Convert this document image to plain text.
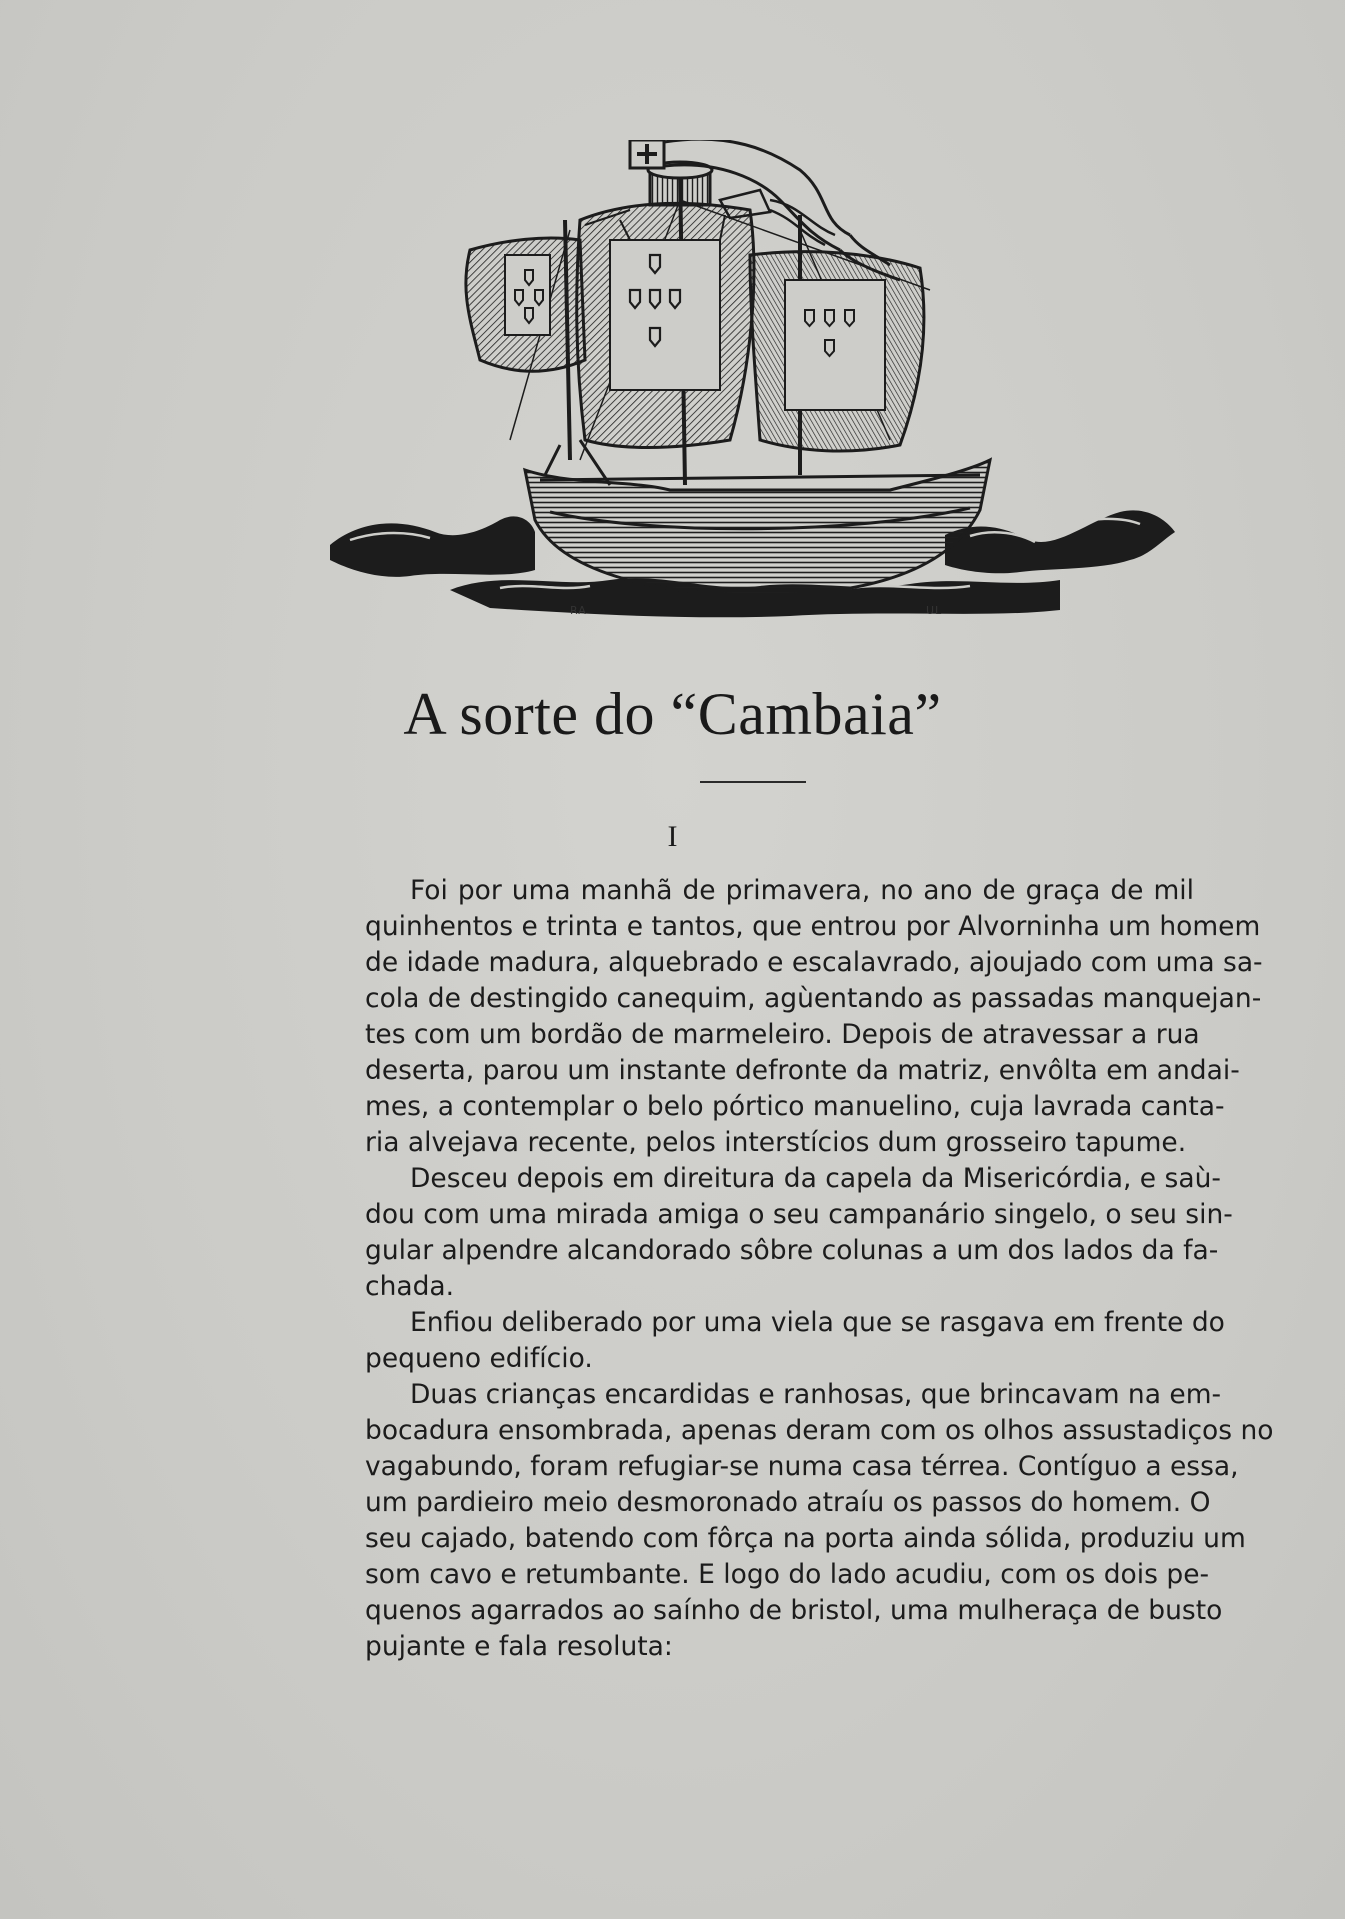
RA	UL
A sorte do “Cambaia”
I

Foi por uma manhã de primavera, no ano de graça de mil
quinhentos e trinta e tantos, que entrou por Alvorninha um homem
de idade madura, alquebrado e escalavrado, ajoujado com uma sa-
cola de destingido canequim, agùentando as passadas manquejan-
tes com um bordão de marmeleiro. Depois de atravessar a rua
deserta, parou um instante defronte da matriz, envôlta em andai-
mes, a contemplar o belo pórtico manuelino, cuja lavrada canta-
ria alvejava recente, pelos interstícios dum grosseiro tapume.

Desceu depois em direitura da capela da Misericórdia, e saù-
dou com uma mirada amiga o seu campanário singelo, o seu sin-
gular alpendre alcandorado sôbre colunas a um dos lados da fa-
chada.

Enfiou deliberado por uma viela que se rasgava em frente do
pequeno edifício.

Duas crianças encardidas e ranhosas, que brincavam na em-
bocadura ensombrada, apenas deram com os olhos assustadiços no
vagabundo, foram refugiar-se numa casa térrea. Contíguo a essa,
um pardieiro meio desmoronado atraíu os passos do homem. O
seu cajado, batendo com fôrça na porta ainda sólida, produziu um
som cavo e retumbante. E logo do lado acudiu, com os dois pe-
quenos agarrados ao saínho de bristol, uma mulheraça de busto
pujante e fala resoluta:
